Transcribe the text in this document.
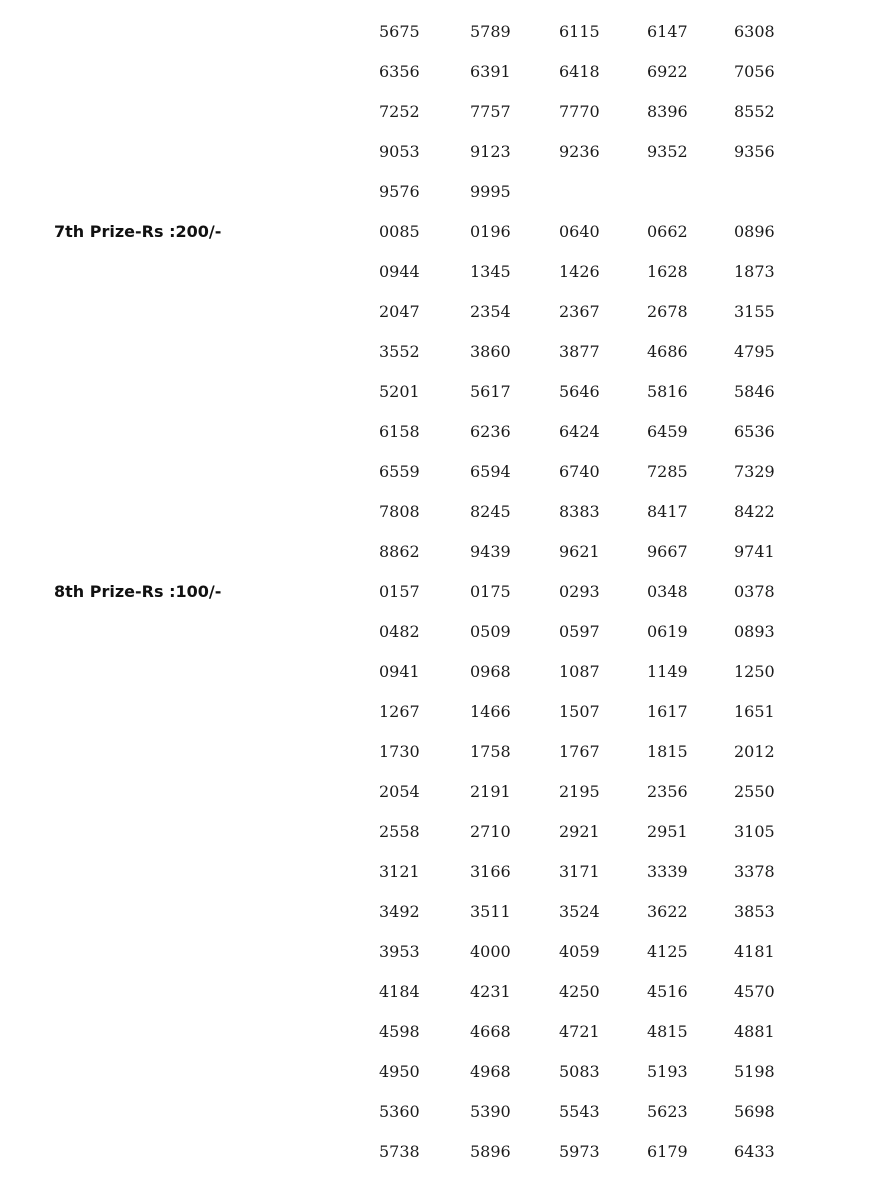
5675	5789	6115	6147	6308
6356	6391	6418	6922	7056
7252	7757	7770	8396	8552
9053	9123	9236	9352	9356
9576	9995
7th Prize-Rs :200/-	0085	0196	0640	0662	0896
0944	1345	1426	1628	1873
2047	2354	2367	2678	3155
3552	3860	3877	4686	4795
5201	5617	5646	5816	5846
6158	6236	6424	6459	6536
6559	6594	6740	7285	7329
7808	8245	8383	8417	8422
8862	9439	9621	9667	9741
8th Prize-Rs :100/-	0157	0175	0293	0348	0378
0482	0509	0597	0619	0893
0941	0968	1087	1149	1250
1267	1466	1507	1617	1651
1730	1758	1767	1815	2012
2054	2191	2195	2356	2550
2558	2710	2921	2951	3105
3121	3166	3171	3339	3378
3492	3511	3524	3622	3853
3953	4000	4059	4125	4181
4184	4231	4250	4516	4570
4598	4668	4721	4815	4881
4950	4968	5083	5193	5198
5360	5390	5543	5623	5698
5738	5896	5973	6179	6433
